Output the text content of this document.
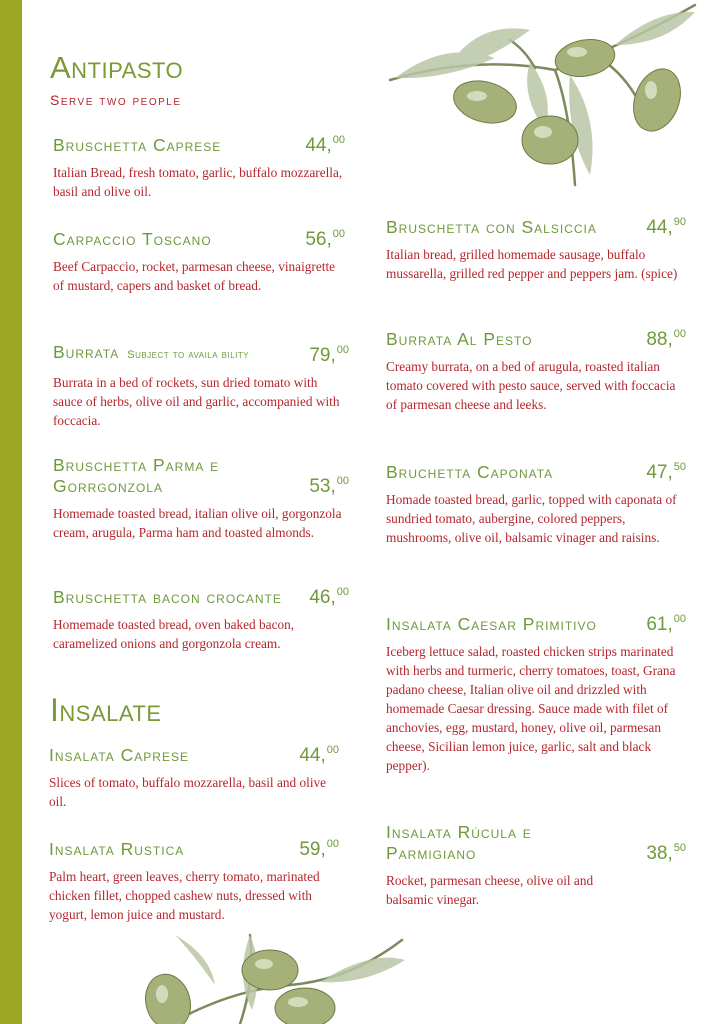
Antipasto

Serve two people

Bruschetta Caprese	44,00
Italian Bread, fresh tomato, garlic, buffalo mozzarella, basil and olive oil.
Carpaccio Toscano	56,00
Beef Carpaccio, rocket, parmesan cheese, vinaigrette of mustard, capers and basket of bread.
Burrata Subject to availa bility	79,00
Burrata in a bed of rockets, sun dried tomato with sauce of herbs, olive oil and garlic, accompanied with foccacia.
Bruschetta Parma e Gorrgonzola	53,00
Homemade toasted bread, italian olive oil, gorgonzola cream, arugula, Parma ham and toasted almonds.
Bruschetta bacon crocante	46,00
Homemade toasted bread, oven baked bacon, caramelized onions and gorgonzola cream.
Bruschetta con Salsiccia	44,90
Italian bread, grilled homemade sausage, buffalo mussarella, grilled red pepper and peppers jam. (spice)
Burrata Al Pesto	88,00
Creamy burrata, on a bed of arugula, roasted italian tomato covered with pesto sauce, served with foccacia of parmesan cheese and leeks.
Bruchetta Caponata	47,50
Homade toasted bread, garlic, topped with caponata of sundried tomato, aubergine, colored peppers, mushrooms, olive oil, balsamic vinager and raisins.
Insalate
Insalata Caprese	44,00
Slices of tomato, buffalo mozzarella, basil and olive oil.
Insalata Rustica	59,00
Palm heart, green leaves, cherry tomato, marinated chicken fillet, chopped cashew nuts, dressed with yogurt, lemon juice and mustard.
Insalata Caesar Primitivo	61,00
Iceberg lettuce salad, roasted chicken strips marinated with herbs and turmeric, cherry tomatoes, toast, Grana padano cheese, Italian olive oil and drizzled with homemade Caesar dressing. Sauce made with filet of anchovies, egg, mustard, honey, olive oil, parmesan cheese, Sicilian lemon juice, garlic, salt and black pepper).
Insalata Rúcula e Parmigiano	38,50
Rocket, parmesan cheese, olive oil and balsamic vinegar.
